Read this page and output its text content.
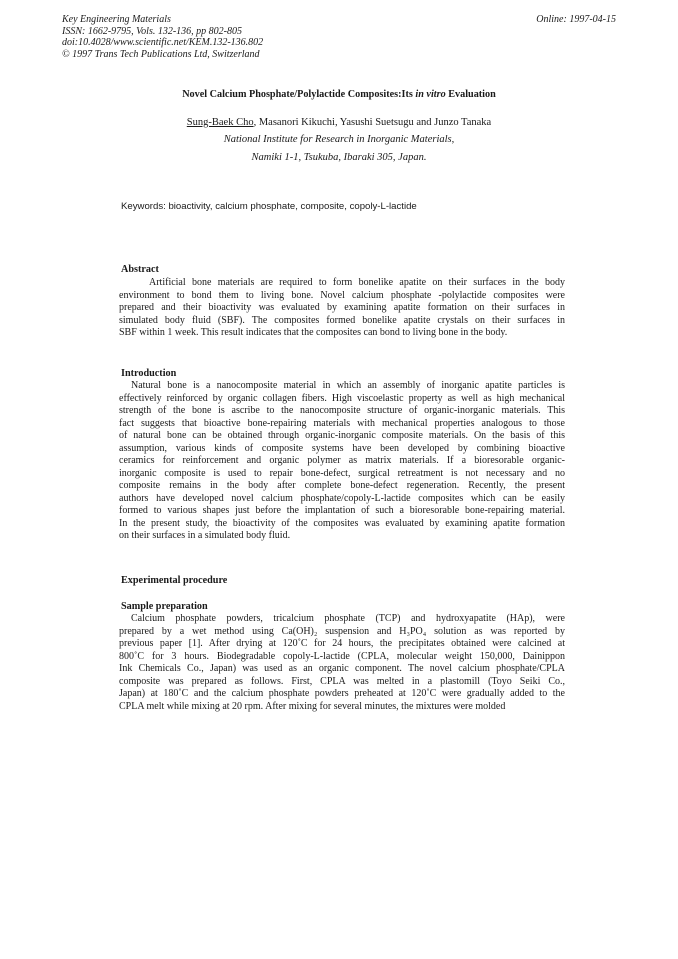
Key Engineering Materials
ISSN: 1662-9795, Vols. 132-136, pp 802-805
doi:10.4028/www.scientific.net/KEM.132-136.802
© 1997 Trans Tech Publications Ltd, Switzerland
Online: 1997-04-15
Novel Calcium Phosphate/Polylactide Composites:Its in vitro Evaluation
Sung-Baek Cho, Masanori Kikuchi, Yasushi Suetsugu and Junzo Tanaka
National Institute for Research in Inorganic Materials,
Namiki 1-1, Tsukuba, Ibaraki 305, Japan.
Keywords: bioactivity, calcium phosphate, composite, copoly-L-lactide
Abstract
Artificial bone materials are required to form bonelike apatite on their surfaces in the body
environment to bond them to living bone. Novel calcium phosphate -polylactide composites were
prepared and their bioactivity was evaluated by examining apatite formation on their surfaces in
simulated body fluid (SBF). The composites formed bonelike apatite crystals on their surfaces in
SBF within 1 week. This result indicates that the composites can bond to living bone in the body.
Introduction
Natural bone is a nanocomposite material in which an assembly of inorganic apatite particles is
effectively reinforced by organic collagen fibers. High viscoelastic property as well as high mechanical
strength of the bone is ascribe to the nanocomposite structure of organic-inorganic materials. This
fact suggests that bioactive bone-repairing materials with mechanical properties analogous to those
of natural bone can be obtained through organic-inorganic composite materials. On the basis of this
assumption, various kinds of composite systems have been developed by combining bioactive
ceramics for reinforcement and organic polymer as matrix materials. If a bioresorable organic-
inorganic composite is used to repair bone-defect, surgical retreatment is not necessary and no
composite remains in the body after complete bone-defect regeneration. Recently, the present
authors have developed novel calcium phosphate/copoly-L-lactide composites which can be easily
formed to various shapes just before the implantation of such a bioresorable bone-repairing material.
In the present study, the bioactivity of the composites was evaluated by examining apatite formation
on their surfaces in a simulated body fluid.
Experimental procedure
Sample preparation
Calcium phosphate powders, tricalcium phosphate (TCP) and hydroxyapatite (HAp), were
prepared by a wet method using Ca(OH)₂ suspension and H₃PO₄ solution as was reported by
previous paper [1]. After drying at 120˚C for 24 hours, the precipitates obtained were calcined at
800˚C for 3 hours. Biodegradable copoly-L-lactide (CPLA, molecular weight 150,000, Dainippon
Ink Chemicals Co., Japan) was used as an organic component. The novel calcium phosphate/CPLA
composite was prepared as follows. First, CPLA was melted in a plastomill (Toyo Seiki Co.,
Japan) at 180˚C and the calcium phosphate powders preheated at 120˚C were gradually added to the
CPLA melt while mixing at 20 rpm. After mixing for several minutes, the mixtures were molded
